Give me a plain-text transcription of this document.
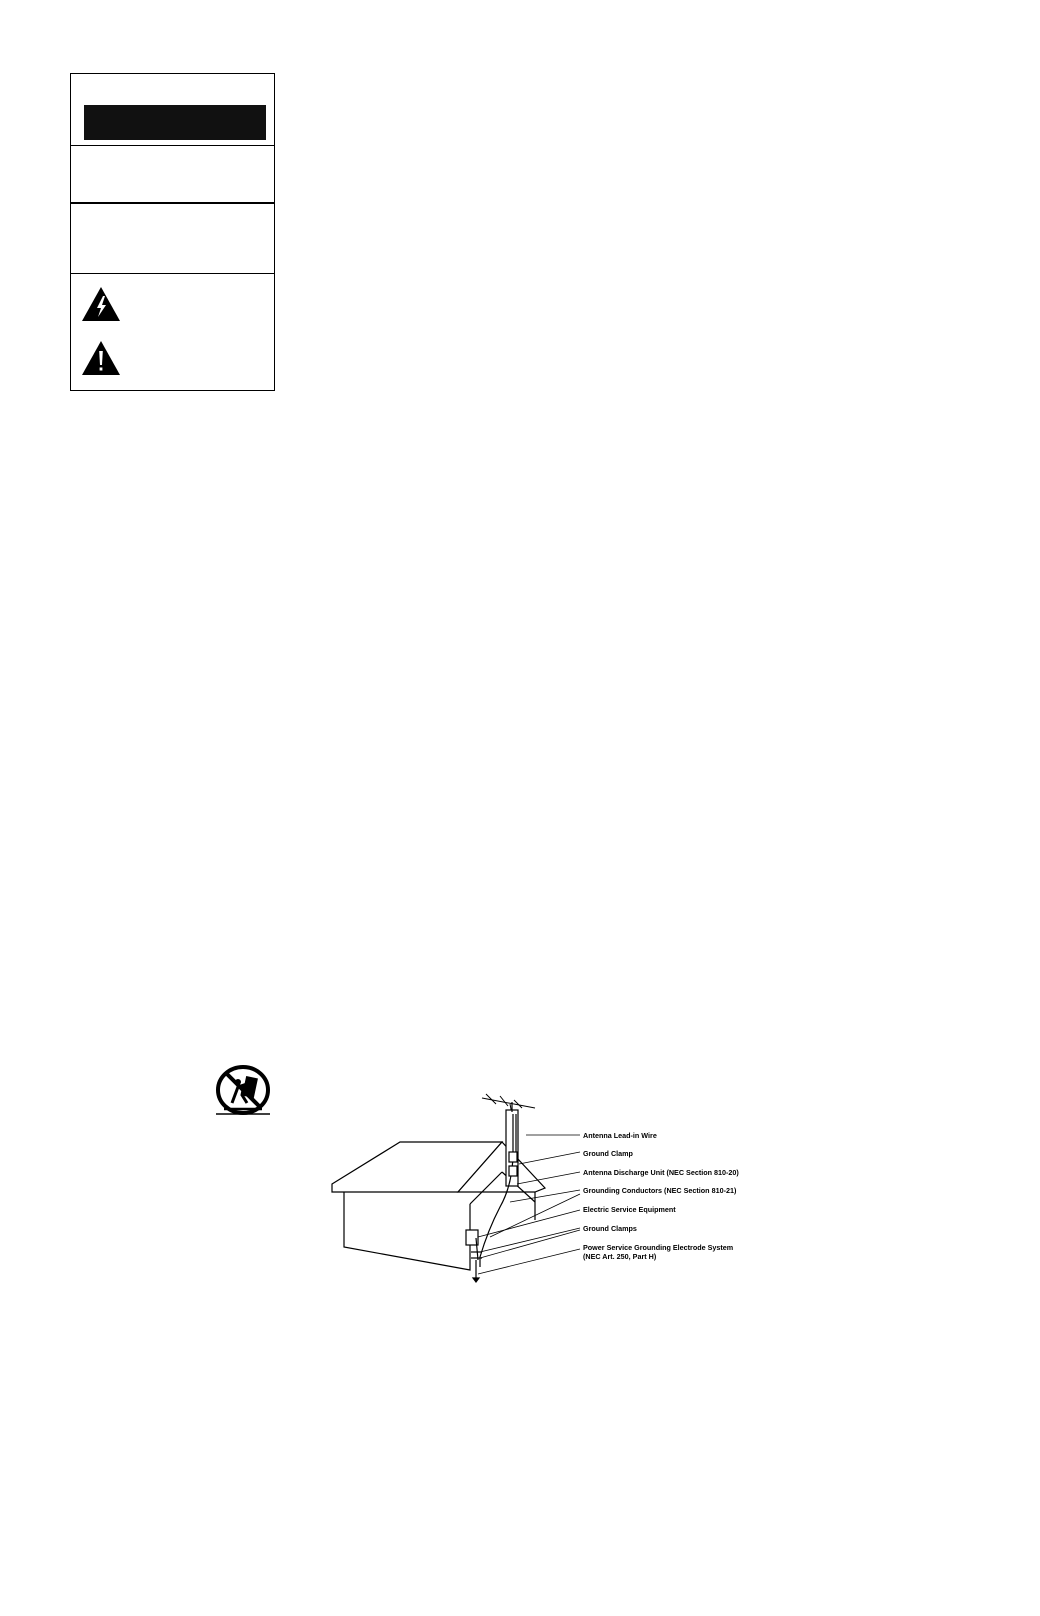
Antenna Lead-in Wire
Ground Clamp
Antenna Discharge Unit (NEC Section 810-20)
Grounding Conductors (NEC Section 810-21)
Electric Service Equipment
Ground Clamps
Power Service Grounding Electrode System
(NEC Art. 250, Part H)
